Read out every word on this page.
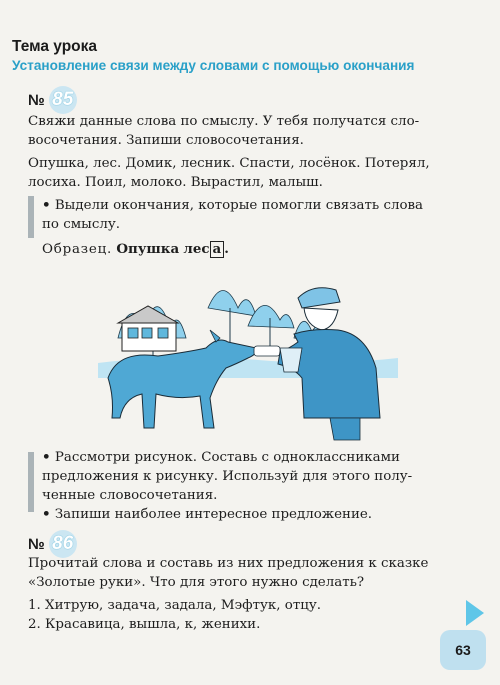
Тема урока
Установление связи между словами с помощью окончания
№ 85
Свяжи данные слова по смыслу. У тебя получатся сло-
восочетания. Запиши словосочетания.
Опушка, лес. Домик, лесник. Спасти, лосёнок. Потерял,
лосиха. Поил, молоко. Вырастил, малыш.
• Выдели окончания, которые помогли связать слова
по смыслу.
Образец. Опушка лес а .
• Рассмотри рисунок. Составь с одноклассниками
предложения к рисунку. Используй для этого полу-
ченные словосочетания.
• Запиши наиболее интересное предложение.
№ 86
Прочитай слова и составь из них предложения к сказке
«Золотые руки». Что для этого нужно сделать?
1. Хитрую, задача, задала, Мэфтук, отцу.
2. Красавица, вышла, к, женихи.
63
